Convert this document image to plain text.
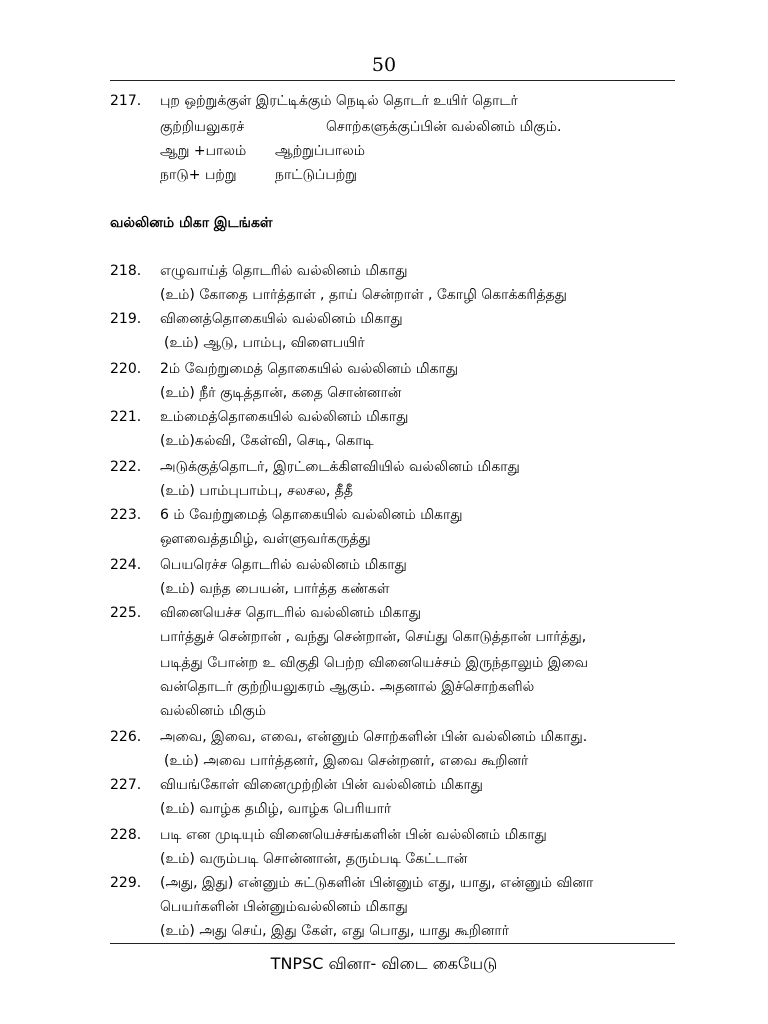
50
217. புற ஒற்றுக்குள் இரட்டிக்கும் நெடில் தொடர் உயிர் தொடர்
குற்றியலுகரச்	சொற்களுக்குப்பின் வல்லினம் மிகும்.
ஆறு +பாலம் ஆற்றுப்பாலம்
நாடு+ பற்று	நாட்டுப்பற்று
வல்லினம் மிகா இடங்கள்
218. எழுவாய்த் தொடரில் வல்லினம் மிகாது
(உம்) கோதை பார்த்தாள் , தாய் சென்றாள் , கோழி கொக்கரித்தது
219. வினைத்தொகையில் வல்லினம் மிகாது
(உம்) ஆடு, பாம்பு, விளைபயிர்
220. 2ம் வேற்றுமைத் தொகையில் வல்லினம் மிகாது
(உம்) நீர் குடித்தான், கதை சொன்னான்
221. உம்மைத்தொகையில் வல்லினம் மிகாது
(உம்)கல்வி, கேள்வி, செடி, கொடி
222. அடுக்குத்தொடர், இரட்டைக்கிளவியில் வல்லினம் மிகாது
(உம்) பாம்புபாம்பு, சலசல, தீதீ
223. 6 ம் வேற்றுமைத் தொகையில் வல்லினம் மிகாது
ஔவைத்தமிழ், வள்ளுவர்கருத்து
224. பெயரெச்ச தொடரில் வல்லினம் மிகாது
(உம்) வந்த பையன், பார்த்த கண்கள்
225. வினையெச்ச தொடரில் வல்லினம் மிகாது
பார்த்துச் சென்றான் , வந்து சென்றான், செய்து கொடுத்தான் பார்த்து,
படித்து போன்ற உ விகுதி பெற்ற வினையெச்சம் இருந்தாலும் இவை
வன்தொடர் குற்றியலுகரம் ஆகும். அதனால் இச்சொற்களில்
வல்லினம் மிகும்
226. அவை, இவை, எவை, என்னும் சொற்களின் பின் வல்லினம் மிகாது.
(உம்) அவை பார்த்தனர், இவை சென்றனர், எவை கூறினர்
227. வியங்கோள் வினைமுற்றின் பின் வல்லினம் மிகாது
(உம்) வாழ்க தமிழ், வாழ்க பெரியார்
228. படி என முடியும் வினையெச்சங்களின் பின் வல்லினம் மிகாது
(உம்) வரும்படி சொன்னான், தரும்படி கேட்டான்
229. (அது, இது) என்னும் சுட்டுகளின் பின்னும் எது, யாது, என்னும் வினா
பெயர்களின் பின்னும்வல்லினம் மிகாது
(உம்) அது செய், இது கேள், எது பொது, யாது கூறினார்
TNPSC வினா- விடை கையேடு
